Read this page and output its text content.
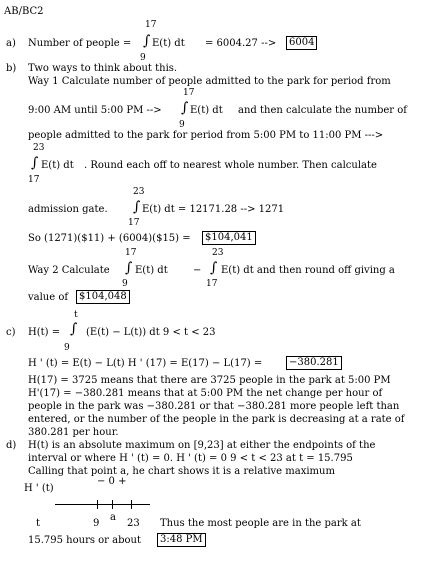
AB/BC2
a) Number of people =
17
∫
9
E(t) dt = 6004.27 -->	6004
b) Two ways to think about this.
Way 1 Calculate number of people admitted to the park for period from
9:00 AM until 5:00 PM -->
17
∫
9
E(t) dt and then calculate the number of
people admitted to the park for period from 5:00 PM to 11:00 PM --->
23
∫
17
E(t) dt . Round each off to nearest whole number. Then calculate
admission gate.
23
∫
17
E(t) dt = 12171.28 --> 1271
So (1271)($11) + (6004)($15) =	$104,041
Way 2 Calculate
17
∫
9
E(t) dt	−
23
∫
17
E(t) dt and then round off giving a
value of	$104,048
c) H(t) =
t
∫
9
(E(t) − L(t)) dt 9 < t < 23
H ' (t) = E(t) − L(t) H ' (17) = E(17) − L(17) =	−380.281
H(17) = 3725 means that there are 3725 people in the park at 5:00 PM
H'(17) = −380.281 means that at 5:00 PM the net change per hour of
people in the park was −380.281 or that −380.281 more people left than
entered, or the number of the people in the park is decreasing at a rate of
380.281 per hour.
d) H(t) is an absolute maximum on [9,23] at either the endpoints of the
interval or where H ' (t) = 0. H ' (t) = 0 9 < t < 23 at t = 15.795
Calling that point a, he chart shows it is a relative maximum
H ' (t)
− 0 +
t	9
a
23 Thus the most people are in the park at
15.795 hours or about	3:48 PM
